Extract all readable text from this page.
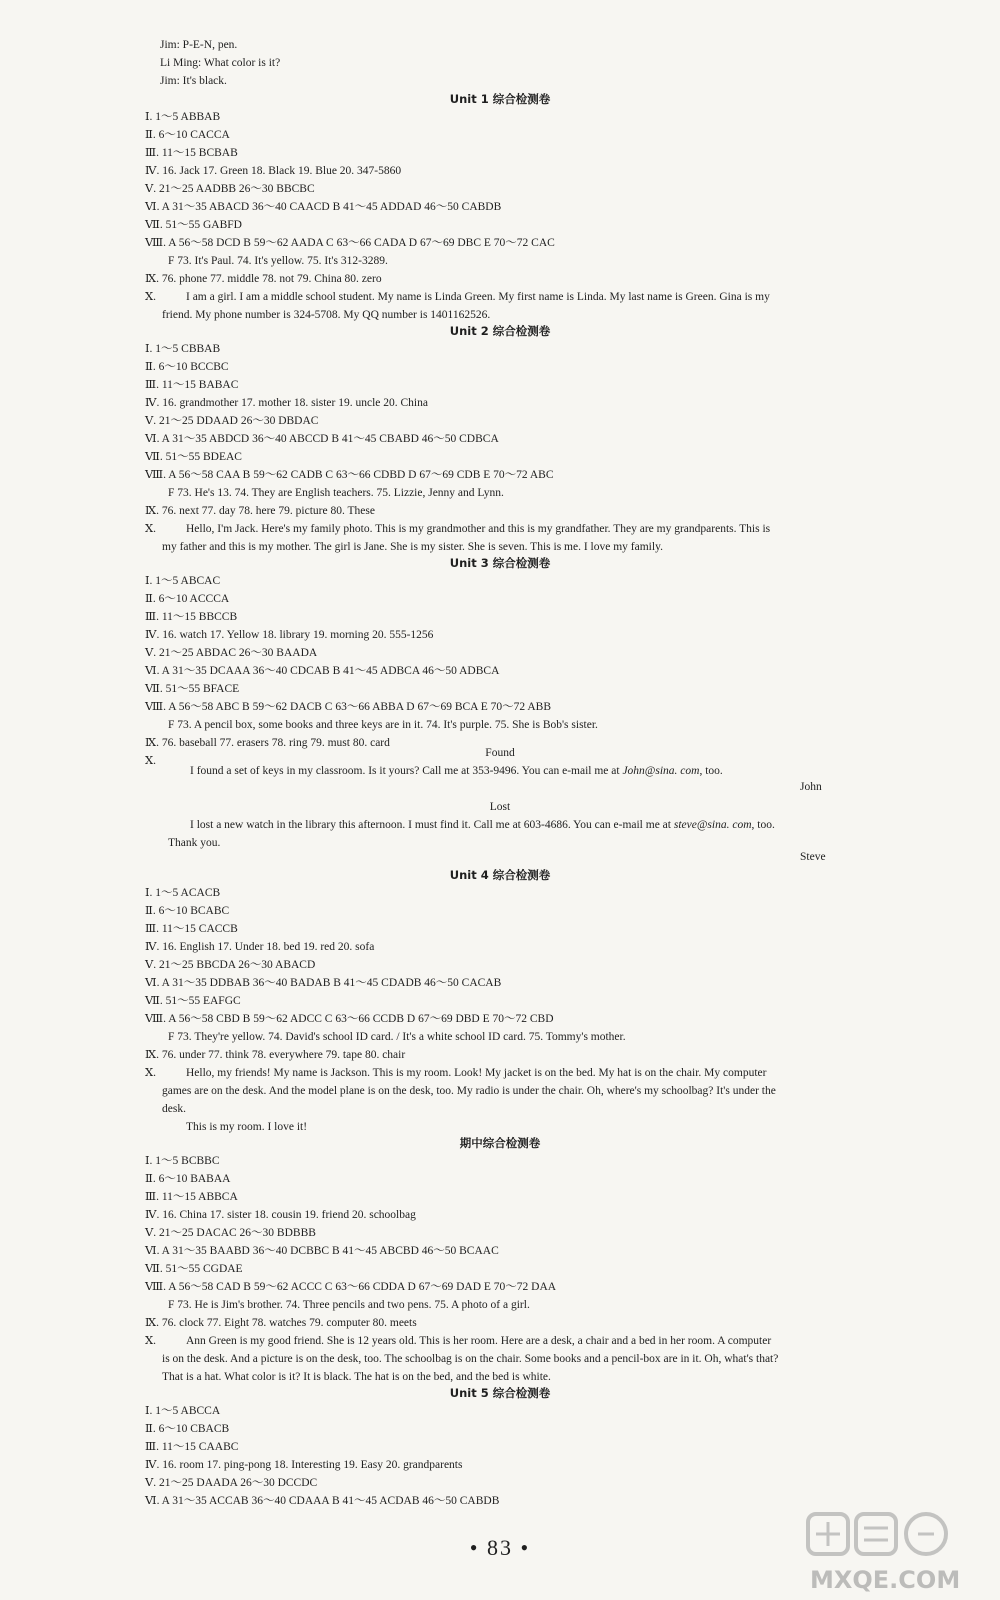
Jim: P-E-N, pen.
Li Ming: What color is it?
Jim: It's black.
Unit 1 综合检测卷
Ⅰ. 1～5 ABBAB
Ⅱ. 6～10 CACCA
Ⅲ. 11～15 BCBAB
Ⅳ. 16. Jack 17. Green 18. Black 19. Blue 20. 347-5860
Ⅴ. 21～25 AADBB 26～30 BBCBC
Ⅵ. A 31～35 ABACD 36～40 CAACD B 41～45 ADDAD 46～50 CABDB
Ⅶ. 51～55 GABFD
Ⅷ. A 56～58 DCD B 59～62 AADA C 63～66 CADA D 67～69 DBC E 70～72 CAC
F 73. It's Paul. 74. It's yellow. 75. It's 312-3289.
Ⅸ. 76. phone 77. middle 78. not 79. China 80. zero
Ⅹ.	I am a girl. I am a middle school student. My name is Linda Green. My first name is Linda. My last name is Green. Gina is my
friend. My phone number is 324-5708. My QQ number is 1401162526.
Unit 2 综合检测卷
Ⅰ. 1～5 CBBAB
Ⅱ. 6～10 BCCBC
Ⅲ. 11～15 BABAC
Ⅳ. 16. grandmother 17. mother 18. sister 19. uncle 20. China
Ⅴ. 21～25 DDAAD 26～30 DBDAC
Ⅵ. A 31～35 ABDCD 36～40 ABCCD B 41～45 CBABD 46～50 CDBCA
Ⅶ. 51～55 BDEAC
Ⅷ. A 56～58 CAA B 59～62 CADB C 63～66 CDBD D 67～69 CDB E 70～72 ABC
F 73. He's 13. 74. They are English teachers. 75. Lizzie, Jenny and Lynn.
Ⅸ. 76. next 77. day 78. here 79. picture 80. These
Ⅹ.	Hello, I'm Jack. Here's my family photo. This is my grandmother and this is my grandfather. They are my grandparents. This is
my father and this is my mother. The girl is Jane. She is my sister. She is seven. This is me. I love my family.
Unit 3 综合检测卷
Ⅰ. 1～5 ABCAC
Ⅱ. 6～10 ACCCA
Ⅲ. 11～15 BBCCB
Ⅳ. 16. watch 17. Yellow 18. library 19. morning 20. 555-1256
Ⅴ. 21～25 ABDAC 26～30 BAADA
Ⅵ. A 31～35 DCAAA 36～40 CDCAB B 41～45 ADBCA 46～50 ADBCA
Ⅶ. 51～55 BFACE
Ⅷ. A 56～58 ABC B 59～62 DACB C 63～66 ABBA D 67～69 BCA E 70～72 ABB
F 73. A pencil box, some books and three keys are in it. 74. It's purple. 75. She is Bob's sister.
Ⅸ. 76. baseball 77. erasers 78. ring 79. must 80. card
Ⅹ.
Found
I found a set of keys in my classroom. Is it yours? Call me at 353-9496. You can e-mail me at John@sina. com, too.
John
Lost
I lost a new watch in the library this afternoon. I must find it. Call me at 603-4686. You can e-mail me at steve@sina. com, too.
Thank you.
Steve
Unit 4 综合检测卷
Ⅰ. 1～5 ACACB
Ⅱ. 6～10 BCABC
Ⅲ. 11～15 CACCB
Ⅳ. 16. English 17. Under 18. bed 19. red 20. sofa
Ⅴ. 21～25 BBCDA 26～30 ABACD
Ⅵ. A 31～35 DDBAB 36～40 BADAB B 41～45 CDADB 46～50 CACAB
Ⅶ. 51～55 EAFGC
Ⅷ. A 56～58 CBD B 59～62 ADCC C 63～66 CCDB D 67～69 DBD E 70～72 CBD
F 73. They're yellow. 74. David's school ID card. / It's a white school ID card. 75. Tommy's mother.
Ⅸ. 76. under 77. think 78. everywhere 79. tape 80. chair
Ⅹ.	Hello, my friends! My name is Jackson. This is my room. Look! My jacket is on the bed. My hat is on the chair. My computer
games are on the desk. And the model plane is on the desk, too. My radio is under the chair. Oh, where's my schoolbag? It's under the
desk.
This is my room. I love it!
期中综合检测卷
Ⅰ. 1～5 BCBBC
Ⅱ. 6～10 BABAA
Ⅲ. 11～15 ABBCA
Ⅳ. 16. China 17. sister 18. cousin 19. friend 20. schoolbag
Ⅴ. 21～25 DACAC 26～30 BDBBB
Ⅵ. A 31～35 BAABD 36～40 DCBBC B 41～45 ABCBD 46～50 BCAAC
Ⅶ. 51～55 CGDAE
Ⅷ. A 56～58 CAD B 59～62 ACCC C 63～66 CDDA D 67～69 DAD E 70～72 DAA
F 73. He is Jim's brother. 74. Three pencils and two pens. 75. A photo of a girl.
Ⅸ. 76. clock 77. Eight 78. watches 79. computer 80. meets
Ⅹ.	Ann Green is my good friend. She is 12 years old. This is her room. Here are a desk, a chair and a bed in her room. A computer
is on the desk. And a picture is on the desk, too. The schoolbag is on the chair. Some books and a pencil-box are in it. Oh, what's that?
That is a hat. What color is it? It is black. The hat is on the bed, and the bed is white.
Unit 5 综合检测卷
Ⅰ. 1～5 ABCCA
Ⅱ. 6～10 CBACB
Ⅲ. 11～15 CAABC
Ⅳ. 16. room 17. ping-pong 18. Interesting 19. Easy 20. grandparents
Ⅴ. 21～25 DAADA 26～30 DCCDC
Ⅵ. A 31～35 ACCAB 36～40 CDAAA B 41～45 ACDAB 46～50 CABDB
• 83 •
MXQE.COM
